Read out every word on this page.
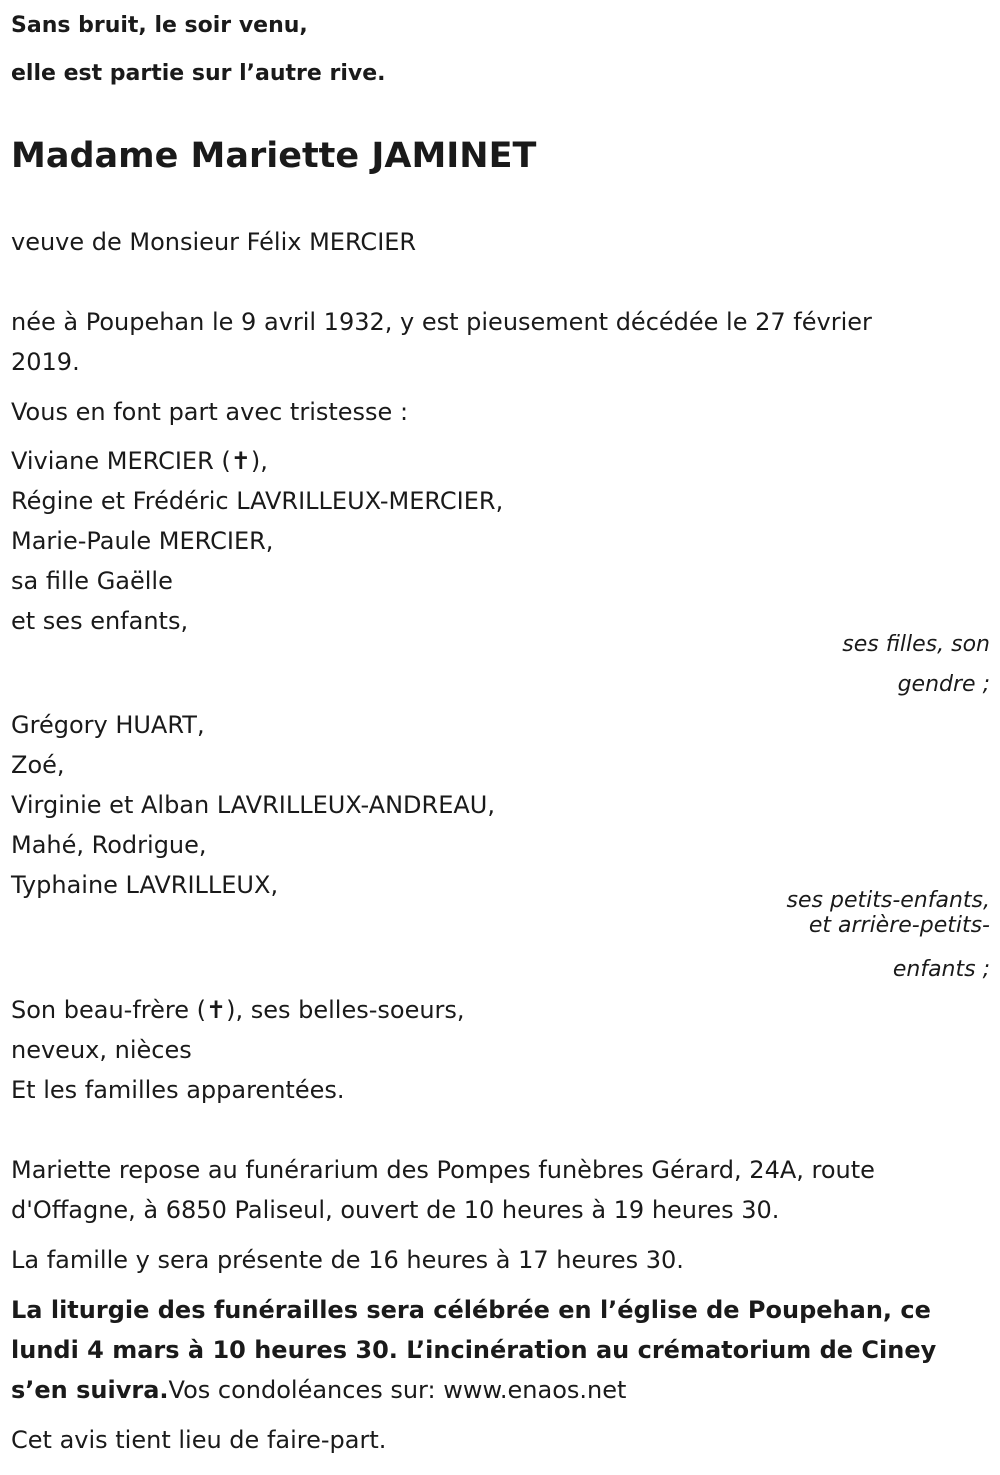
Sans bruit, le soir venu,
elle est partie sur l’autre rive.
Madame Mariette JAMINET
veuve de Monsieur Félix MERCIER
née à Poupehan le 9 avril 1932, y est pieusement décédée le 27 février
2019.
Vous en font part avec tristesse :
Viviane MERCIER (✝),
Régine et Frédéric LAVRILLEUX-MERCIER,
Marie-Paule MERCIER,
sa fille Gaëlle
et ses enfants,
ses filles, son
gendre ;
Grégory HUART,
Zoé,
Virginie et Alban LAVRILLEUX-ANDREAU,
Mahé, Rodrigue,
Typhaine LAVRILLEUX,
ses petits-enfants,
et arrière-petits-
enfants ;
Son beau-frère (✝), ses belles-soeurs,
neveux, nièces
Et les familles apparentées.
Mariette repose au funérarium des Pompes funèbres Gérard, 24A, route
d'Offagne, à 6850 Paliseul, ouvert de 10 heures à 19 heures 30.
La famille y sera présente de 16 heures à 17 heures 30.
La liturgie des funérailles sera célébrée en l’église de Poupehan, ce
lundi 4 mars à 10 heures 30. L’incinération au crématorium de Ciney
s’en suivra.Vos condoléances sur: www.enaos.net
Cet avis tient lieu de faire-part.
